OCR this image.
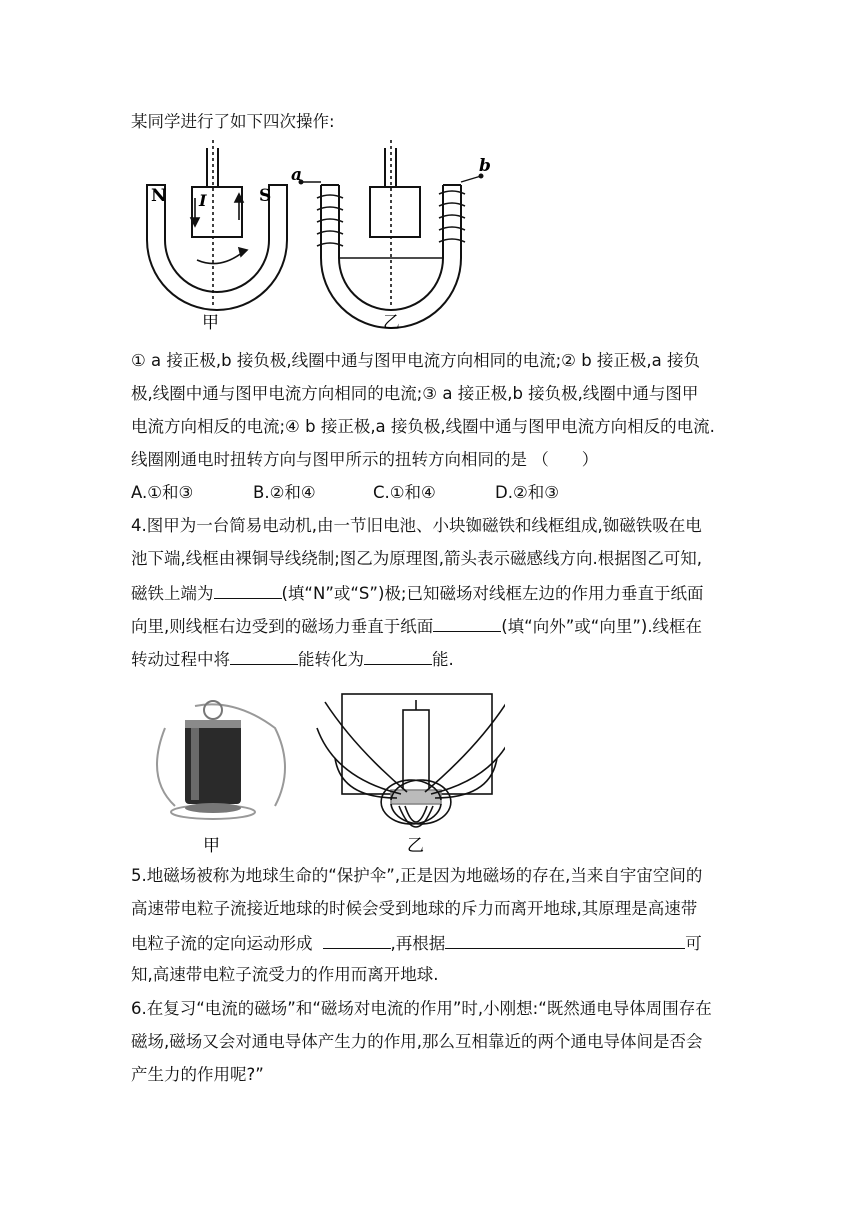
某同学进行了如下四次操作:
N	S
I
甲
a	b
乙
① a 接正极,b 接负极,线圈中通与图甲电流方向相同的电流;② b 接正极,a 接负
极,线圈中通与图甲电流方向相同的电流;③ a 接正极,b 接负极,线圈中通与图甲
电流方向相反的电流;④ b 接正极,a 接负极,线圈中通与图甲电流方向相反的电流.
线圈刚通电时扭转方向与图甲所示的扭转方向相同的是 （　　）
A.①和③	B.②和④	C.①和④	D.②和③
4.图甲为一台简易电动机,由一节旧电池、小块铷磁铁和线框组成,铷磁铁吸在电
池下端,线框由裸铜导线绕制;图乙为原理图,箭头表示磁感线方向.根据图乙可知,
磁铁上端为	(填“N”或“S”)极;已知磁场对线框左边的作用力垂直于纸面
向里,则线框右边受到的磁场力垂直于纸面	(填“向外”或“向里”).线框在
转动过程中将	能转化为	能.
甲	乙
5.地磁场被称为地球生命的“保护伞”,正是因为地磁场的存在,当来自宇宙空间的
高速带电粒子流接近地球的时候会受到地球的斥力而离开地球,其原理是高速带
电粒子流的定向运动形成	,再根据	可
知,高速带电粒子流受力的作用而离开地球.
6.在复习“电流的磁场”和“磁场对电流的作用”时,小刚想:“既然通电导体周围存在
磁场,磁场又会对通电导体产生力的作用,那么互相靠近的两个通电导体间是否会
产生力的作用呢?”
